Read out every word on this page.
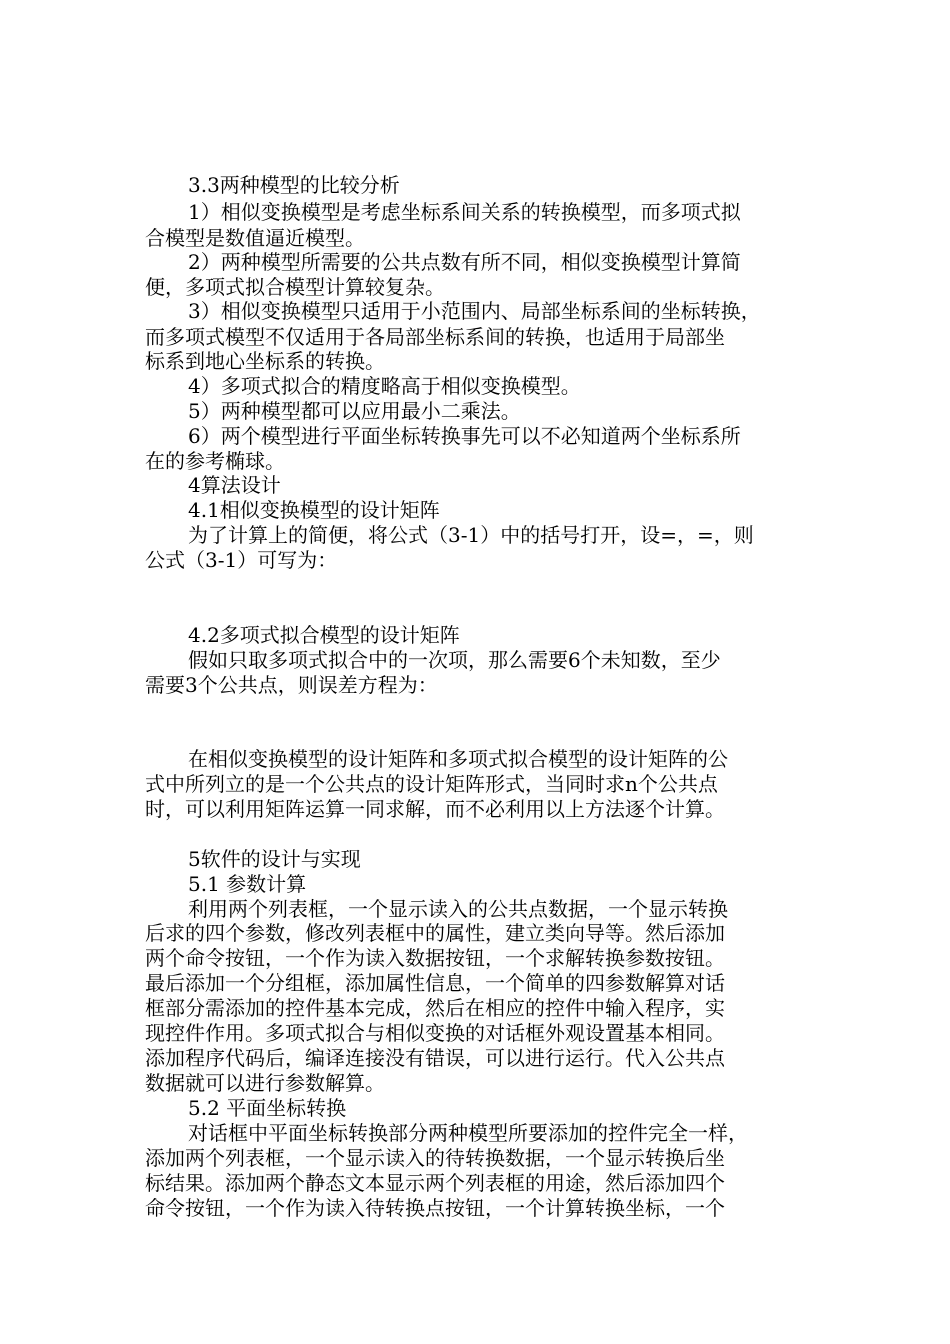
3.3两种模型的比较分析
1）相似变换模型是考虑坐标系间关系的转换模型，而多项式拟
合模型是数值逼近模型。
2）两种模型所需要的公共点数有所不同，相似变换模型计算简
便，多项式拟合模型计算较复杂。
3）相似变换模型只适用于小范围内、局部坐标系间的坐标转换，
而多项式模型不仅适用于各局部坐标系间的转换，也适用于局部坐
标系到地心坐标系的转换。
4）多项式拟合的精度略高于相似变换模型。
5）两种模型都可以应用最小二乘法。
6）两个模型进行平面坐标转换事先可以不必知道两个坐标系所
在的参考椭球。
4算法设计
4.1相似变换模型的设计矩阵
为了计算上的简便，将公式（3-1）中的括号打开，设=，=，则
公式（3-1）可写为：
4.2多项式拟合模型的设计矩阵
假如只取多项式拟合中的一次项，那么需要6个未知数，至少
需要3个公共点，则误差方程为：
在相似变换模型的设计矩阵和多项式拟合模型的设计矩阵的公
式中所列立的是一个公共点的设计矩阵形式，当同时求n个公共点
时，可以利用矩阵运算一同求解，而不必利用以上方法逐个计算。
5软件的设计与实现
5.1 参数计算
利用两个列表框，一个显示读入的公共点数据，一个显示转换
后求的四个参数，修改列表框中的属性，建立类向导等。然后添加
两个命令按钮，一个作为读入数据按钮，一个求解转换参数按钮。
最后添加一个分组框，添加属性信息，一个简单的四参数解算对话
框部分需添加的控件基本完成，然后在相应的控件中输入程序，实
现控件作用。多项式拟合与相似变换的对话框外观设置基本相同。
添加程序代码后，编译连接没有错误，可以进行运行。代入公共点
数据就可以进行参数解算。
5.2 平面坐标转换
对话框中平面坐标转换部分两种模型所要添加的控件完全一样，
添加两个列表框，一个显示读入的待转换数据，一个显示转换后坐
标结果。添加两个静态文本显示两个列表框的用途，然后添加四个
命令按钮，一个作为读入待转换点按钮，一个计算转换坐标，一个
